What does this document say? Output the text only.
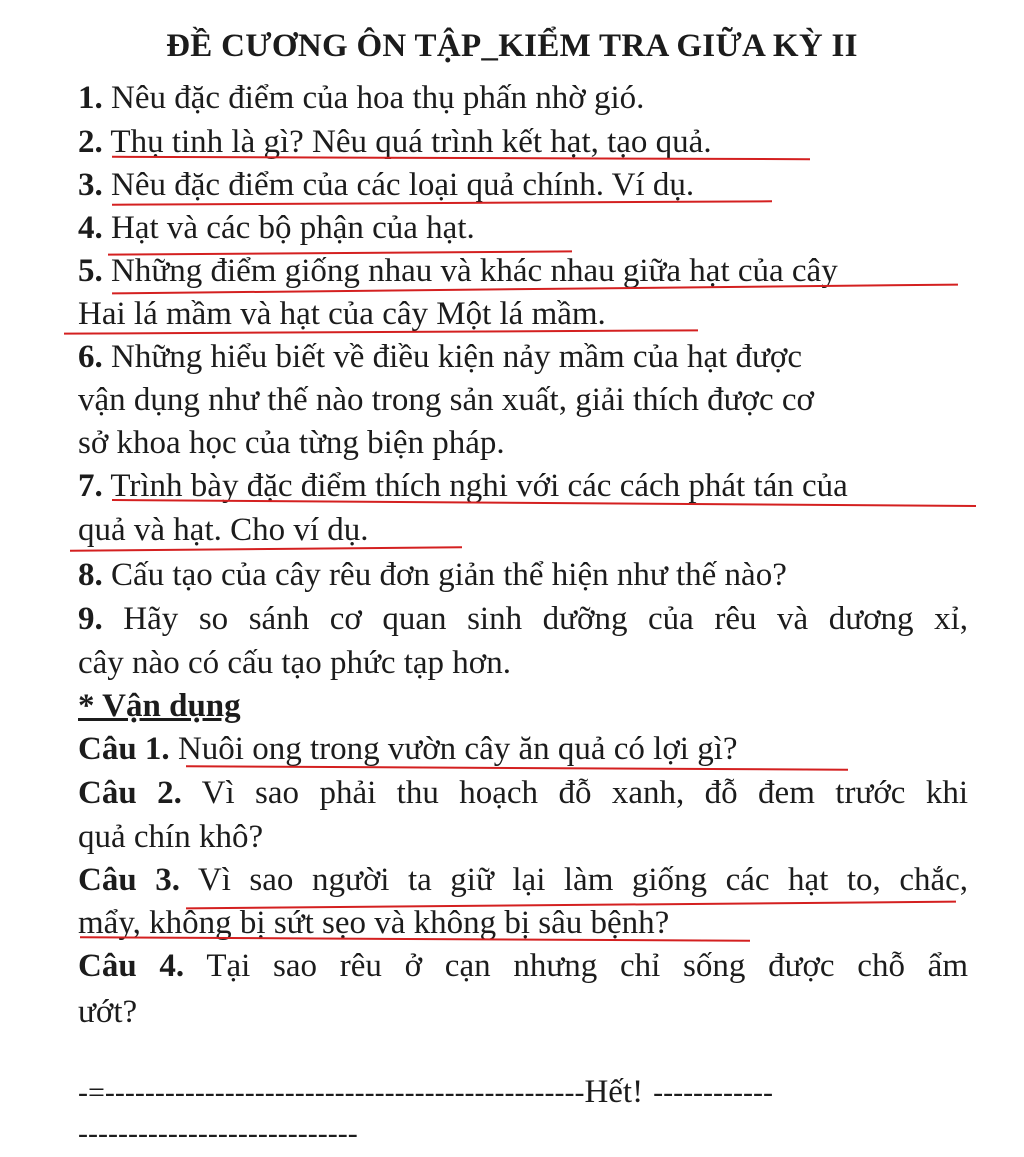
ĐỀ CƯƠNG ÔN TẬP_KIỂM TRA GIỮA KỲ II
1. Nêu đặc điểm của hoa thụ phấn nhờ gió.
2. Thụ tinh là gì? Nêu quá trình kết hạt, tạo quả.
3. Nêu đặc điểm của các loại quả chính. Ví dụ.
4. Hạt và các bộ phận của hạt.
5. Những điểm giống nhau và khác nhau giữa hạt của cây
Hai lá mầm và hạt của cây Một lá mầm.
6. Những hiểu biết về điều kiện nảy mầm của hạt được
vận dụng như thế nào trong sản xuất, giải thích được cơ
sở khoa học của từng biện pháp.
7. Trình bày đặc điểm thích nghi với các cách phát tán của
quả và hạt. Cho ví dụ.
8. Cấu tạo của cây rêu đơn giản thể hiện như thế nào?
9. Hãy so sánh cơ quan sinh dưỡng của rêu và dương xỉ,
cây nào có cấu tạo phức tạp hơn.
* Vận dụng
Câu 1. Nuôi ong trong vườn cây ăn quả có lợi gì?
Câu 2. Vì sao phải thu hoạch đỗ xanh, đỗ đem trước khi
quả chín khô?
Câu 3. Vì sao người ta giữ lại làm giống các hạt to, chắc,
mẩy, không bị sứt sẹo và không bị sâu bệnh?
Câu 4. Tại sao rêu ở cạn nhưng chỉ sống được chỗ ẩm
ướt?
-=------------------------------------------------Hết! ------------
----------------------------
